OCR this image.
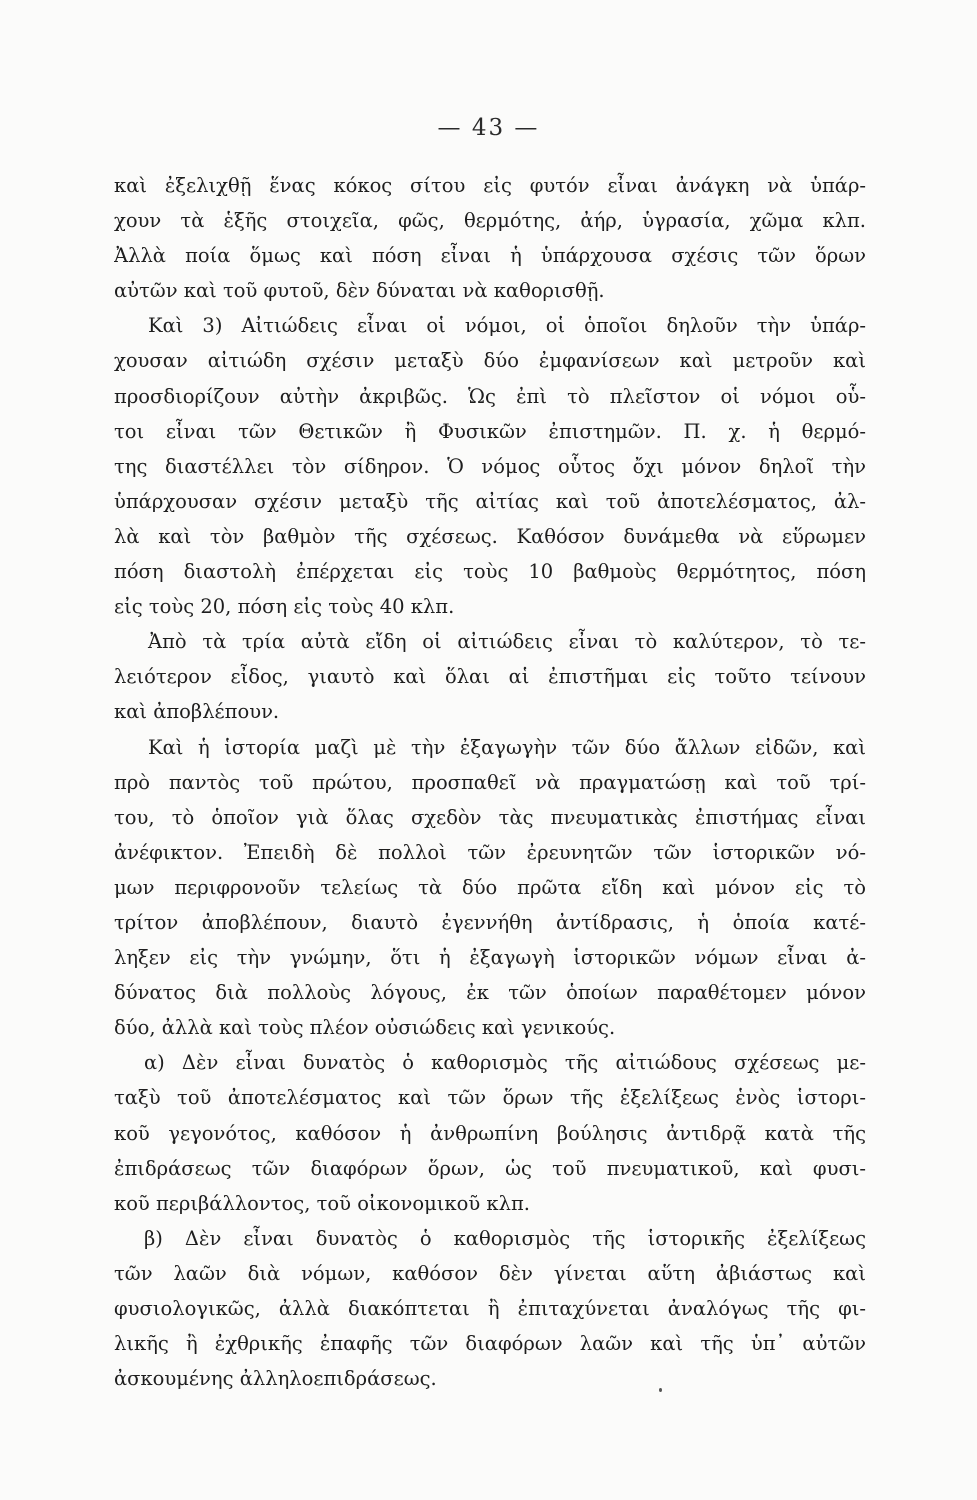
— 43 —
καὶ ἐξελιχθῇ ἕνας κόκος σίτου εἰς φυτόν εἶναι ἀνάγκη νὰ ὑπάρ-
χουν τὰ ἑξῆς στοιχεῖα, φῶς, θερμότης, ἀήρ, ὑγρασία, χῶμα κλπ.
Ἀλλὰ ποία ὅμως καὶ πόση εἶναι ἡ ὑπάρχουσα σχέσις τῶν ὅρων
αὐτῶν καὶ τοῦ φυτοῦ, δὲν δύναται νὰ καθορισθῇ.
Καὶ 3) Αἰτιώδεις εἶναι οἱ νόμοι, οἱ ὁποῖοι δηλοῦν τὴν ὑπάρ-
χουσαν αἰτιώδη σχέσιν μεταξὺ δύο ἐμφανίσεων καὶ μετροῦν καὶ
προσδιορίζουν αὐτὴν ἀκριβῶς. Ὡς ἐπὶ τὸ πλεῖστον οἱ νόμοι οὗ-
τοι εἶναι τῶν Θετικῶν ἢ Φυσικῶν ἐπιστημῶν. Π. χ. ἡ θερμό-
της διαστέλλει τὸν σίδηρον. Ὁ νόμος οὗτος ὄχι μόνον δηλοῖ τὴν
ὑπάρχουσαν σχέσιν μεταξὺ τῆς αἰτίας καὶ τοῦ ἀποτελέσματος, ἀλ-
λὰ καὶ τὸν βαθμὸν τῆς σχέσεως. Καθόσον δυνάμεθα νὰ εὕρωμεν
πόση διαστολὴ ἐπέρχεται εἰς τοὺς 10 βαθμοὺς θερμότητος, πόση
εἰς τοὺς 20, πόση εἰς τοὺς 40 κλπ.
Ἀπὸ τὰ τρία αὐτὰ εἴδη οἱ αἰτιώδεις εἶναι τὸ καλύτερον, τὸ τε-
λειότερον εἶδος, γιαυτὸ καὶ ὅλαι αἱ ἐπιστῆμαι εἰς τοῦτο τείνουν
καὶ ἀποβλέπουν.
Καὶ ἡ ἱστορία μαζὶ μὲ τὴν ἐξαγωγὴν τῶν δύο ἄλλων εἰδῶν, καὶ
πρὸ παντὸς τοῦ πρώτου, προσπαθεῖ νὰ πραγματώσῃ καὶ τοῦ τρί-
του, τὸ ὁποῖον γιὰ ὅλας σχεδὸν τὰς πνευματικὰς ἐπιστήμας εἶναι
ἀνέφικτον. Ἐπειδὴ δὲ πολλοὶ τῶν ἐρευνητῶν τῶν ἱστορικῶν νό-
μων περιφρονοῦν τελείως τὰ δύο πρῶτα εἴδη καὶ μόνον εἰς τὸ
τρίτον ἀποβλέπουν, διαυτὸ ἐγεννήθη ἀντίδρασις, ἡ ὁποία κατέ-
ληξεν εἰς τὴν γνώμην, ὅτι ἡ ἐξαγωγὴ ἱστορικῶν νόμων εἶναι ἀ-
δύνατος διὰ πολλοὺς λόγους, ἐκ τῶν ὁποίων παραθέτομεν μόνον
δύο, ἀλλὰ καὶ τοὺς πλέον οὐσιώδεις καὶ γενικούς.
α) Δὲν εἶναι δυνατὸς ὁ καθορισμὸς τῆς αἰτιώδους σχέσεως με-
ταξὺ τοῦ ἀποτελέσματος καὶ τῶν ὅρων τῆς ἐξελίξεως ἑνὸς ἱστορι-
κοῦ γεγονότος, καθόσον ἡ ἀνθρωπίνη βούλησις ἀντιδρᾷ κατὰ τῆς
ἐπιδράσεως τῶν διαφόρων ὅρων, ὡς τοῦ πνευματικοῦ, καὶ φυσι-
κοῦ περιβάλλοντος, τοῦ οἰκονομικοῦ κλπ.
β) Δὲν εἶναι δυνατὸς ὁ καθορισμὸς τῆς ἱστορικῆς ἐξελίξεως
τῶν λαῶν διὰ νόμων, καθόσον δὲν γίνεται αὕτη ἀβιάστως καὶ
φυσιολογικῶς, ἀλλὰ διακόπτεται ἢ ἐπιταχύνεται ἀναλόγως τῆς φι-
λικῆς ἢ ἐχθρικῆς ἐπαφῆς τῶν διαφόρων λαῶν καὶ τῆς ὑπ᾿ αὐτῶν
ἀσκουμένης ἀλληλοεπιδράσεως.
